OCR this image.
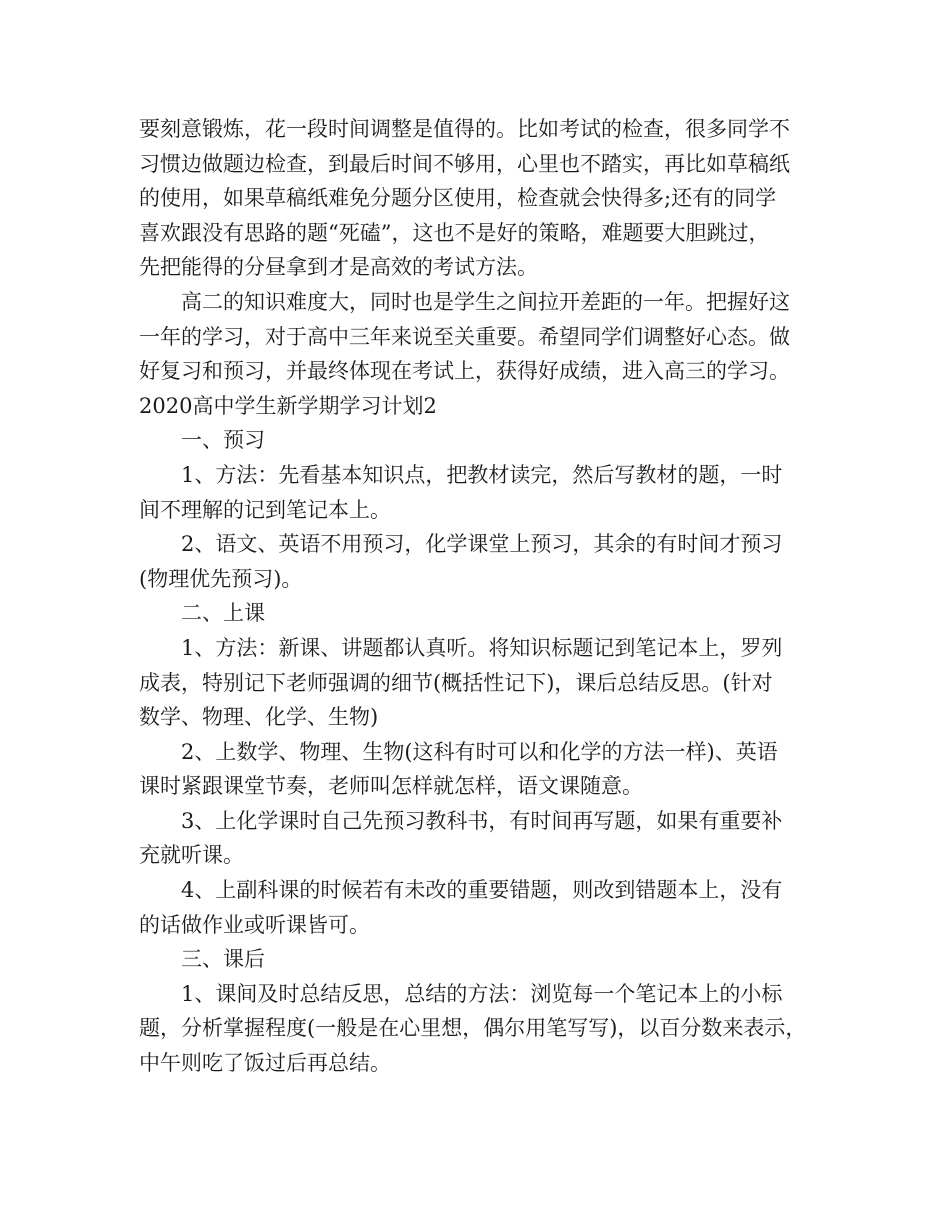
要刻意锻炼，花一段时间调整是值得的。比如考试的检查，很多同学不
习惯边做题边检查，到最后时间不够用，心里也不踏实，再比如草稿纸
的使用，如果草稿纸难免分题分区使用，检查就会快得多;还有的同学
喜欢跟没有思路的题“死磕”，这也不是好的策略，难题要大胆跳过，
先把能得的分昼拿到才是高效的考试方法。

高二的知识难度大，同时也是学生之间拉开差距的一年。把握好这

一年的学习，对于高中三年来说至关重要。希望同学们调整好心态。做
好复习和预习，并最终体现在考试上，获得好成绩，进入高三的学习。

2020高中学生新学期学习计划2

一、预习

1、方法：先看基本知识点，把教材读完，然后写教材的题，一时

间不理解的记到笔记本上。

2、语文、英语不用预习，化学课堂上预习，其余的有时间才预习

(物理优先预习)。

二、上课

1、方法：新课、讲题都认真听。将知识标题记到笔记本上，罗列

成表，特别记下老师强调的细节(概括性记下)，课后总结反思。(针对
数学、物理、化学、生物)

2、上数学、物理、生物(这科有时可以和化学的方法一样)、英语

课时紧跟课堂节奏，老师叫怎样就怎样，语文课随意。

3、上化学课时自己先预习教科书，有时间再写题，如果有重要补

充就听课。

4、上副科课的时候若有未改的重要错题，则改到错题本上，没有

的话做作业或听课皆可。

三、课后

1、课间及时总结反思，总结的方法：浏览每一个笔记本上的小标

题，分析掌握程度(一般是在心里想，偶尔用笔写写)，以百分数来表示，
中午则吃了饭过后再总结。
